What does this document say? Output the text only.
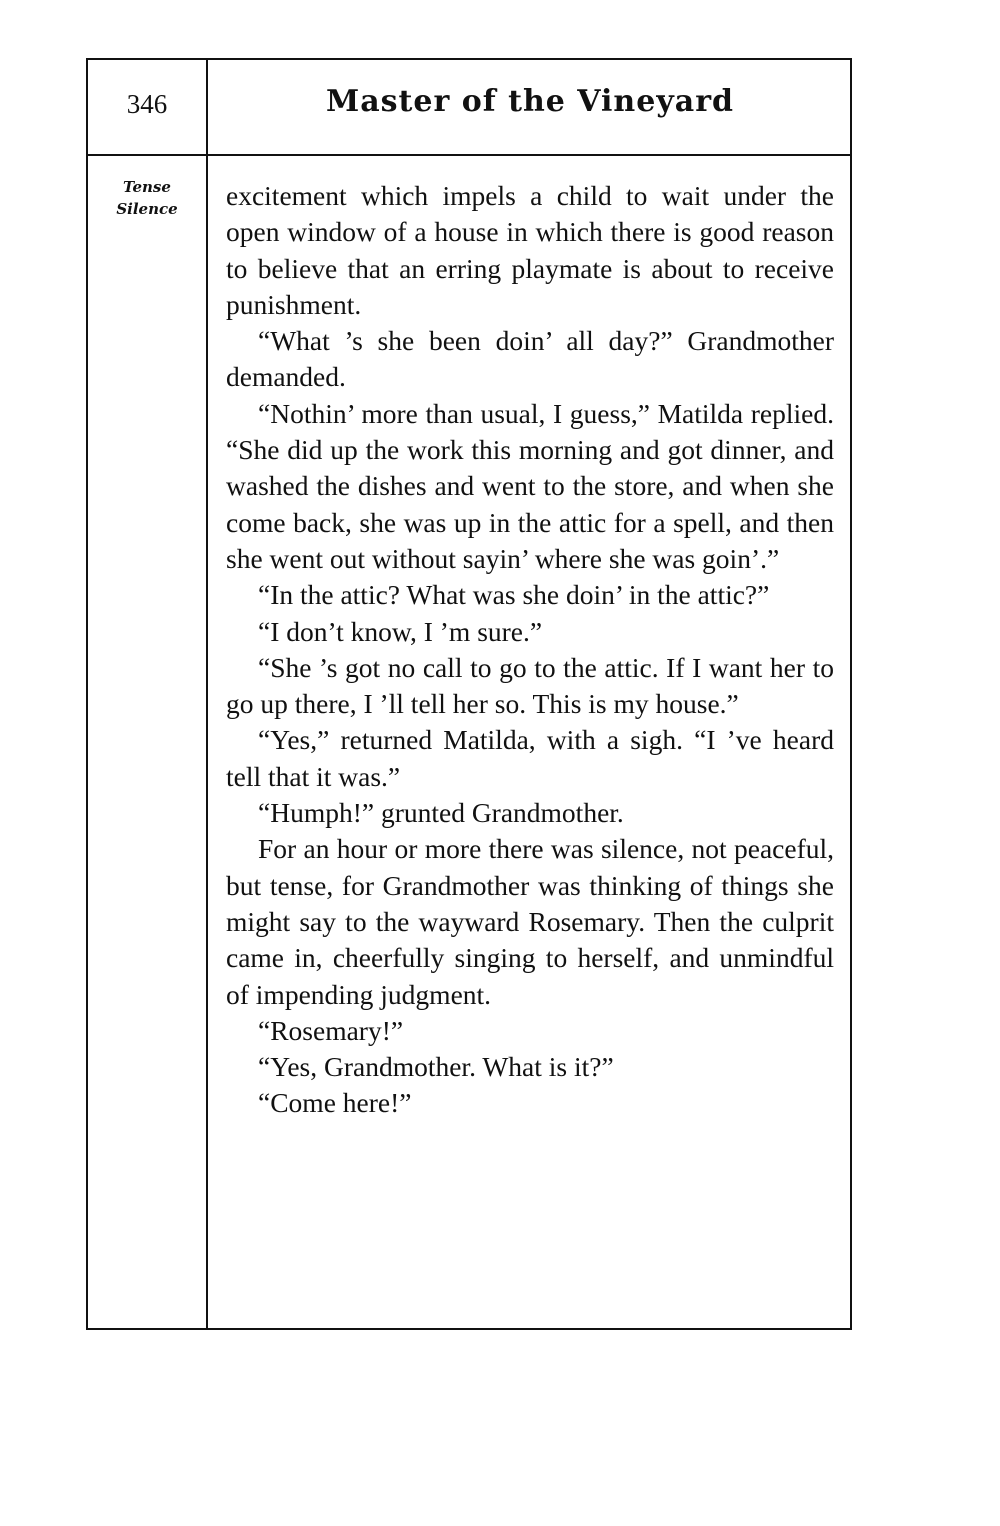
346	Master of the Vineyard
Tense
Silence	excitement which impels a child to wait under the open window of a house in which there is good reason to believe that an erring playmate is about to receive punishment.

“What ’s she been doin’ all day?” Grandmother demanded.

“Nothin’ more than usual, I guess,” Matilda replied. “She did up the work this morning and got dinner, and washed the dishes and went to the store, and when she come back, she was up in the attic for a spell, and then she went out without sayin’ where she was goin’.”

“In the attic? What was she doin’ in the attic?”

“I don’t know, I ’m sure.”

“She ’s got no call to go to the attic. If I want her to go up there, I ’ll tell her so. This is my house.”

“Yes,” returned Matilda, with a sigh. “I ’ve heard tell that it was.”

“Humph!” grunted Grandmother.

For an hour or more there was silence, not peaceful, but tense, for Grandmother was thinking of things she might say to the wayward Rosemary. Then the culprit came in, cheerfully singing to herself, and unmindful of impending judgment.

“Rosemary!”

“Yes, Grandmother. What is it?”

“Come here!”
